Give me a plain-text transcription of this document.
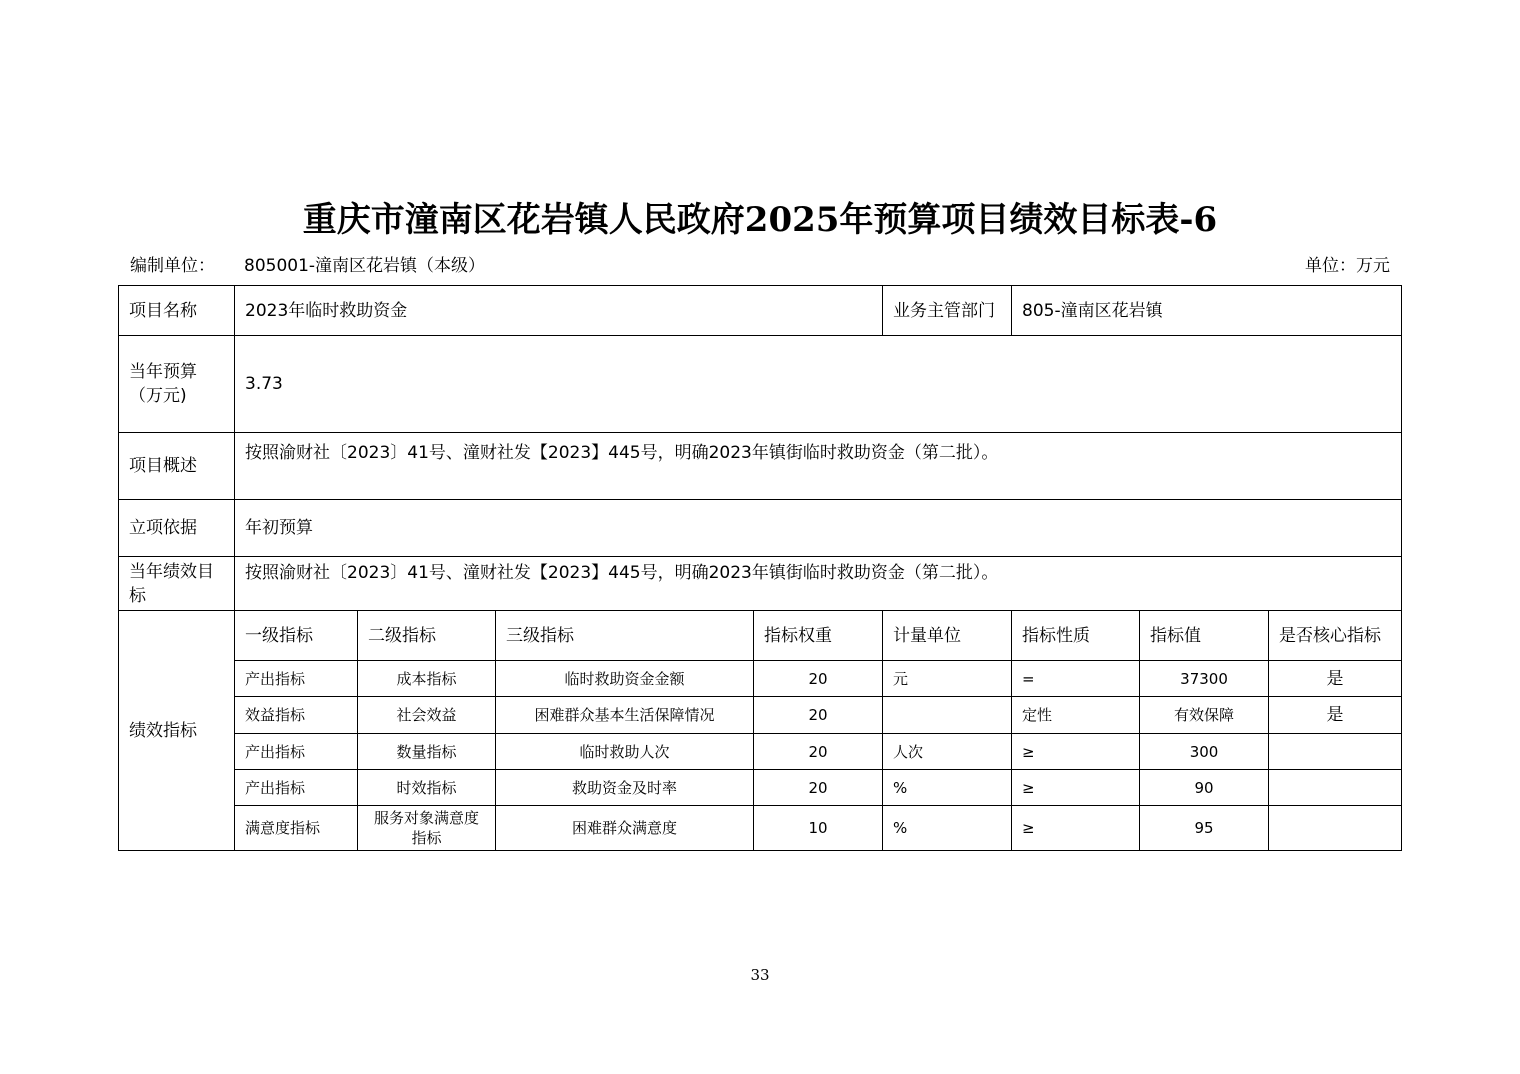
重庆市潼南区花岩镇人民政府2025年预算项目绩效目标表-6
编制单位： 805001-潼南区花岩镇（本级）	单位：万元
项目名称	2023年临时救助资金				业务主管部门	805-潼南区花岩镇		
当年预算（万元)	3.73							
项目概述	按照渝财社〔2023〕41号、潼财社发【2023】445号，明确2023年镇街临时救助资金（第二批）。							
立项依据	年初预算							
当年绩效目标	按照渝财社〔2023〕41号、潼财社发【2023】445号，明确2023年镇街临时救助资金（第二批）。							
绩效指标	一级指标	二级指标	三级指标	指标权重	计量单位	指标性质	指标值	是否核心指标
	产出指标	成本指标	临时救助资金金额	20	元	=	37300	是
	效益指标	社会效益	困难群众基本生活保障情况	20		定性	有效保障	是
	产出指标	数量指标	临时救助人次	20	人次	≥	300	
	产出指标	时效指标	救助资金及时率	20	%	≥	90	
	满意度指标	服务对象满意度指标	困难群众满意度	10	%	≥	95	
33
